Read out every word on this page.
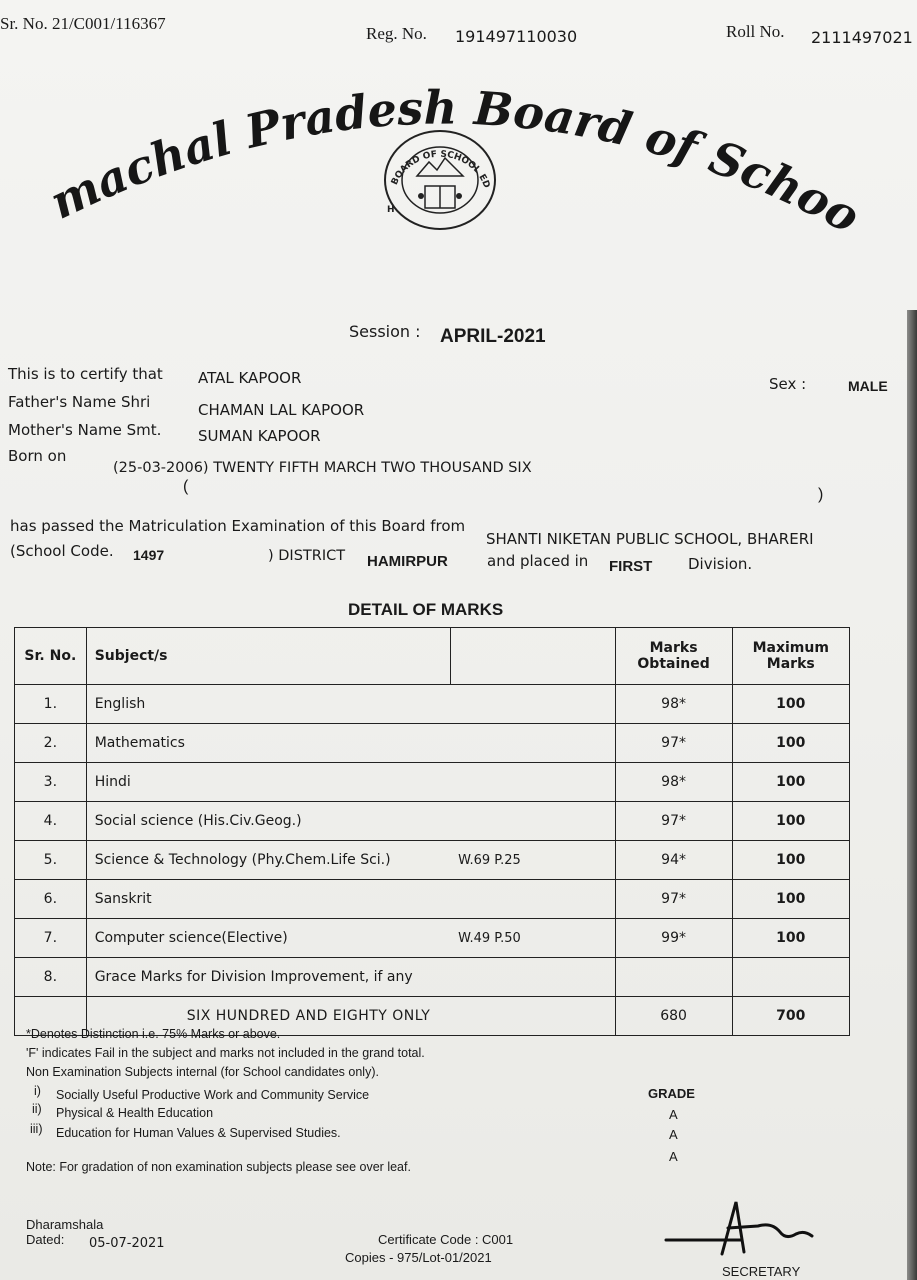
Sr. No. 21/C001/116367
Reg. No. 191497110030	Roll No. 2111497021
machal Pradesh Board of Schoo
BOARD OF SCHOOL ED
H
Session : APRIL-2021
This is to certify that ATAL KAPOOR	Sex :	MALE
Father's Name Shri	CHAMAN LAL KAPOOR
Mother's Name Smt. SUMAN KAPOOR
Born on
(25-03-2006) TWENTY FIFTH MARCH TWO THOUSAND SIX
(	)
has passed the Matriculation Examination of this Board from
SHANTI NIKETAN PUBLIC SCHOOL, BHARERI
(School Code. 1497	) DISTRICT HAMIRPUR	and placed in FIRST Division.
DETAIL OF MARKS
Sr. No.	Subject/s		Marks Obtained	Maximum Marks
1.	English		98*	100
2.	Mathematics		97*	100
3.	Hindi		98*	100
4.	Social science (His.Civ.Geog.)		97*	100
5.	Science & Technology (Phy.Chem.Life Sci.)	W.69 P.25	94*	100
6.	Sanskrit		97*	100
7.	Computer science(Elective)	W.49 P.50	99*	100
8.	Grace Marks for Division Improvement, if any			
	SIX HUNDRED AND EIGHTY ONLY		680	700
*Denotes Distinction i.e. 75% Marks or above.
'F' indicates Fail in the subject and marks not included in the grand total.
Non Examination Subjects internal (for School candidates only).
i) Socially Useful Productive Work and Community Service
ii) Physical & Health Education
iii) Education for Human Values & Supervised Studies.
GRADE
A
A
A
Note: For gradation of non examination subjects please see over leaf.
Dharamshala
Dated: 05-07-2021	Certificate Code : C001
Copies - 975/Lot-01/2021
SECRETARY
